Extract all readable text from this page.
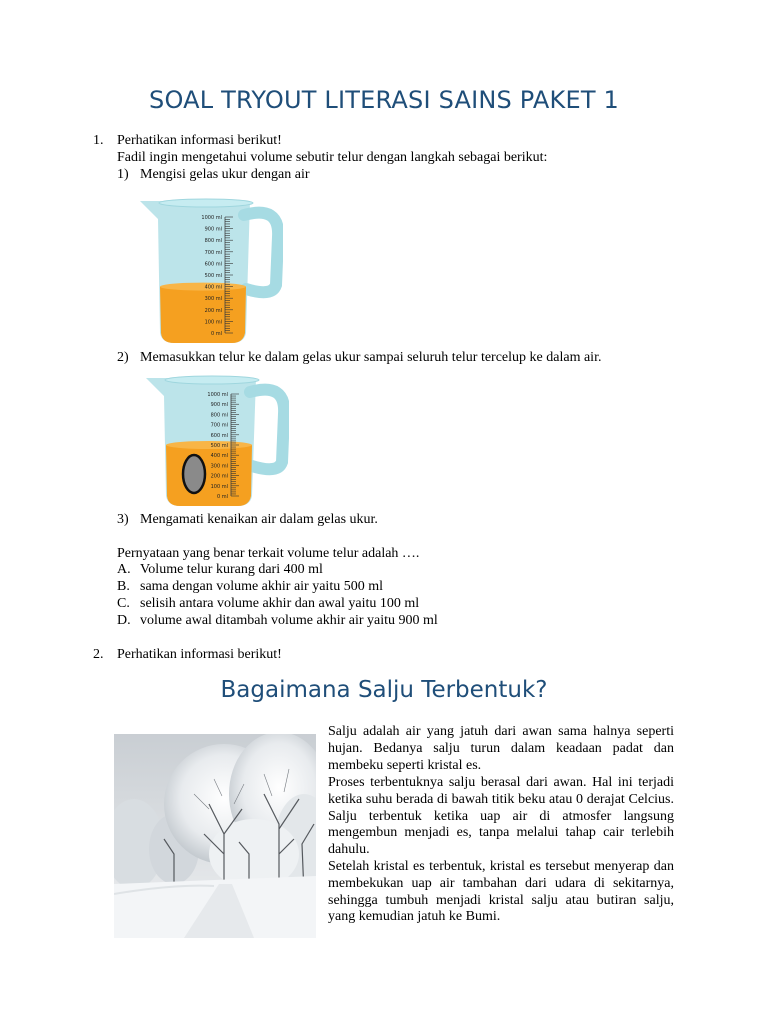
SOAL TRYOUT LITERASI SAINS PAKET 1
1. Perhatikan informasi berikut!
Fadil ingin mengetahui volume sebutir telur dengan langkah sebagai berikut:
1) Mengisi gelas ukur dengan air
1000 ml
900 ml
800 ml
700 ml
600 ml
500 ml
400 ml
300 ml
200 ml
100 ml
0 ml
2) Memasukkan telur ke dalam gelas ukur sampai seluruh telur tercelup ke dalam air.
1000 ml
900 ml
800 ml
700 ml
600 ml
500 ml
400 ml
300 ml
200 ml
100 ml
0 ml
3) Mengamati kenaikan air dalam gelas ukur.
Pernyataan yang benar terkait volume telur adalah ….
A. Volume telur kurang dari 400 ml
B. sama dengan volume akhir air yaitu 500 ml
C. selisih antara volume akhir dan awal yaitu 100 ml
D. volume awal ditambah volume akhir air yaitu 900 ml
2. Perhatikan informasi berikut!
Bagaimana Salju Terbentuk?
Salju adalah air yang jatuh dari awan sama halnya seperti hujan. Bedanya salju turun dalam keadaan padat dan membeku seperti kristal es.
Proses terbentuknya salju berasal dari awan. Hal ini terjadi ketika suhu berada di bawah titik beku atau 0 derajat Celcius. Salju terbentuk ketika uap air di atmosfer langsung mengembun menjadi es, tanpa melalui tahap cair terlebih dahulu.
Setelah kristal es terbentuk, kristal es tersebut menyerap dan membekukan uap air tambahan dari udara di sekitarnya, sehingga tumbuh menjadi kristal salju atau butiran salju, yang kemudian jatuh ke Bumi.
